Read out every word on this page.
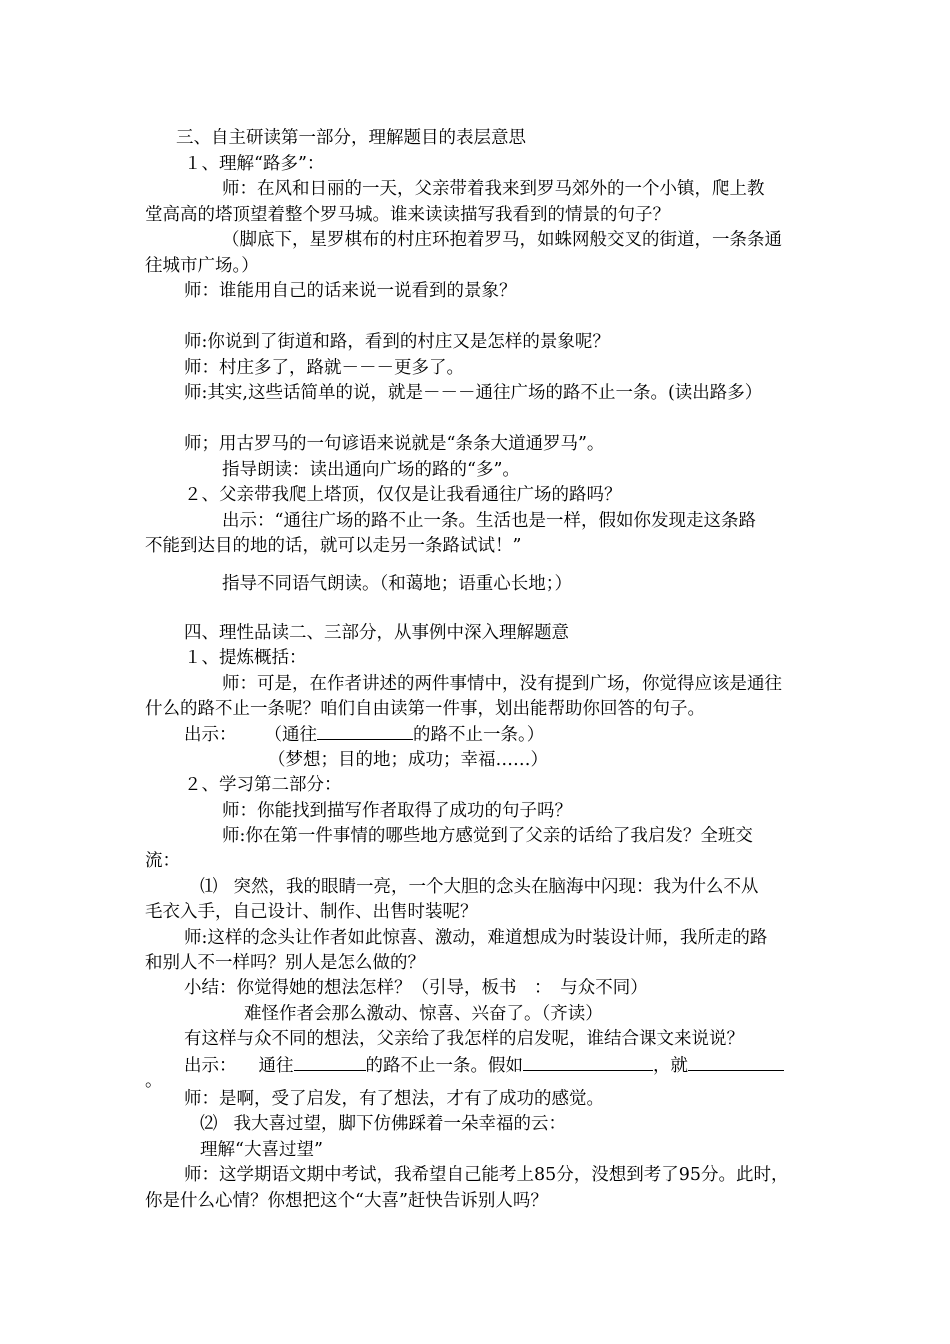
三、自主研读第一部分，理解题目的表层意思
１、理解“路多”：
师：在风和日丽的一天，父亲带着我来到罗马郊外的一个小镇，爬上教
堂高高的塔顶望着整个罗马城。谁来读读描写我看到的情景的句子？
（脚底下，星罗棋布的村庄环抱着罗马，如蛛网般交叉的街道，一条条通
往城市广场。）
师：谁能用自己的话来说一说看到的景象？
师:你说到了街道和路，看到的村庄又是怎样的景象呢？
师：村庄多了，路就－－－更多了。
师:其实,这些话简单的说，就是－－－通往广场的路不止一条。(读出路多）
师；用古罗马的一句谚语来说就是“条条大道通罗马”。
指导朗读：读出通向广场的路的“多”。
２、父亲带我爬上塔顶，仅仅是让我看通往广场的路吗？
出示：“通往广场的路不止一条。生活也是一样，假如你发现走这条路
不能到达目的地的话，就可以走另一条路试试！”
指导不同语气朗读。（和蔼地；语重心长地；）
四、理性品读二、三部分，从事例中深入理解题意
１、提炼概括：
师：可是，在作者讲述的两件事情中，没有提到广场，你觉得应该是通往
什么的路不止一条呢？咱们自由读第一件事，划出能帮助你回答的句子。
出示： （通往	的路不止一条。）
（梦想；目的地；成功；幸福……）
２、学习第二部分：
师：你能找到描写作者取得了成功的句子吗？
师:你在第一件事情的哪些地方感觉到了父亲的话给了我启发？全班交
流：
⑴ 突然，我的眼睛一亮，一个大胆的念头在脑海中闪现：我为什么不从
毛衣入手，自己设计、制作、出售时装呢？
师:这样的念头让作者如此惊喜、激动，难道想成为时装设计师，我所走的路
和别人不一样吗？别人是怎么做的？
小结：你觉得她的想法怎样？（引导，板书　：　与众不同）
难怪作者会那么激动、惊喜、兴奋了。（齐读）
有这样与众不同的想法，父亲给了我怎样的启发呢，谁结合课文来说说？
出示： 通往	的路不止一条。假如	，就
。
师：是啊，受了启发，有了想法，才有了成功的感觉。
⑵ 我大喜过望，脚下仿佛踩着一朵幸福的云：
理解“大喜过望”
师：这学期语文期中考试，我希望自己能考上85分，没想到考了95分。此时，
你是什么心情？你想把这个“大喜”赶快告诉别人吗？
